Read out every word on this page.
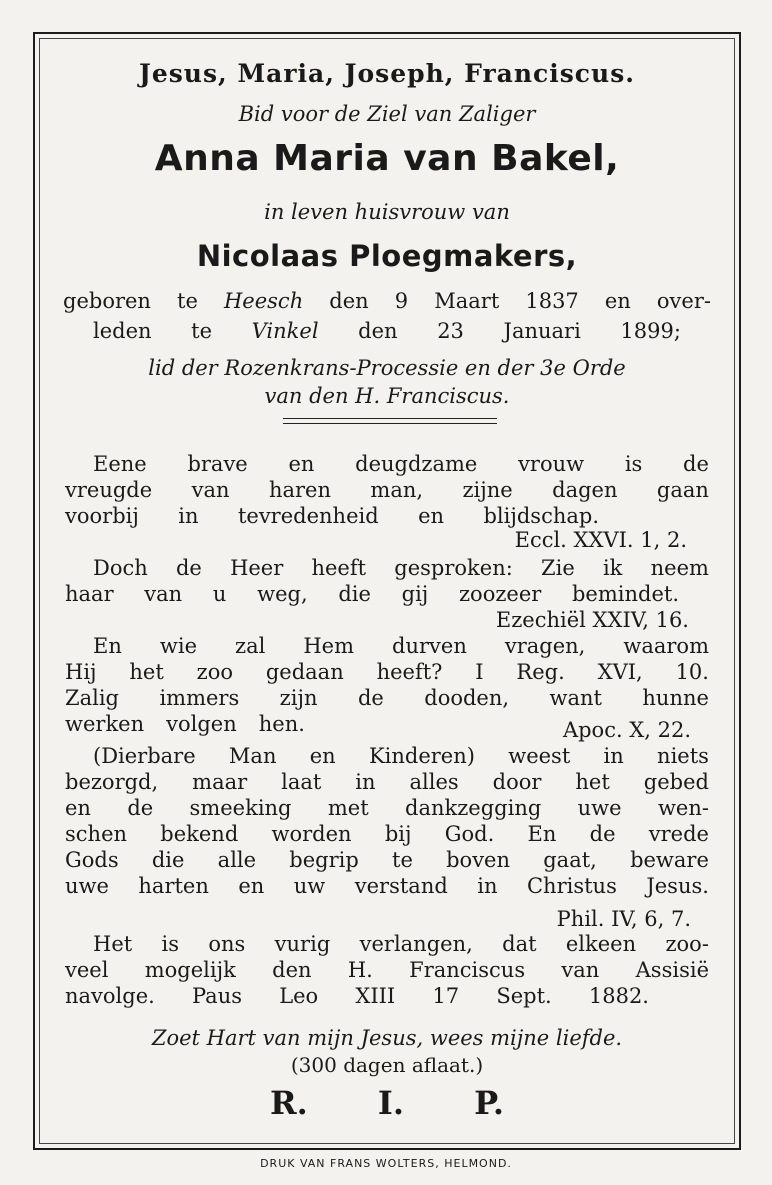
Jesus, Maria, Joseph, Franciscus.
Bid voor de Ziel van Zaliger
Anna Maria van Bakel,
in leven huisvrouw van
Nicolaas Ploegmakers,
geboren te Heesch den 9 Maart 1837 en over-
leden te Vinkel den 23 Januari 1899;
lid der Rozenkrans-Processie en der 3e Orde
van den H. Franciscus.
Eene brave en deugdzame vrouw is de
vreugde van haren man, zijne dagen gaan
voorbij in tevredenheid en blijdschap.
Doch de Heer heeft gesproken: Zie ik neem
haar van u weg, die gij zoozeer bemindet.
En wie zal Hem durven vragen, waarom
Hij het zoo gedaan heeft? I Reg. XVI, 10.
Zalig immers zijn de dooden, want hunne
werken volgen hen.
(Dierbare Man en Kinderen) weest in niets
bezorgd, maar laat in alles door het gebed
en de smeeking met dankzegging uwe wen-
schen bekend worden bij God. En de vrede
Gods die alle begrip te boven gaat, beware
uwe harten en uw verstand in Christus Jesus.
Het is ons vurig verlangen, dat elkeen zoo-
veel mogelijk den H. Franciscus van Assisië
navolge. Paus Leo XIII 17 Sept. 1882.
Eccl. XXVI. 1, 2.
Ezechiël XXIV, 16.
Apoc. X, 22.
Phil. IV, 6, 7.
Zoet Hart van mijn Jesus, wees mijne liefde.
(300 dagen aflaat.)
R. I. P.
DRUK VAN FRANS WOLTERS, HELMOND.
